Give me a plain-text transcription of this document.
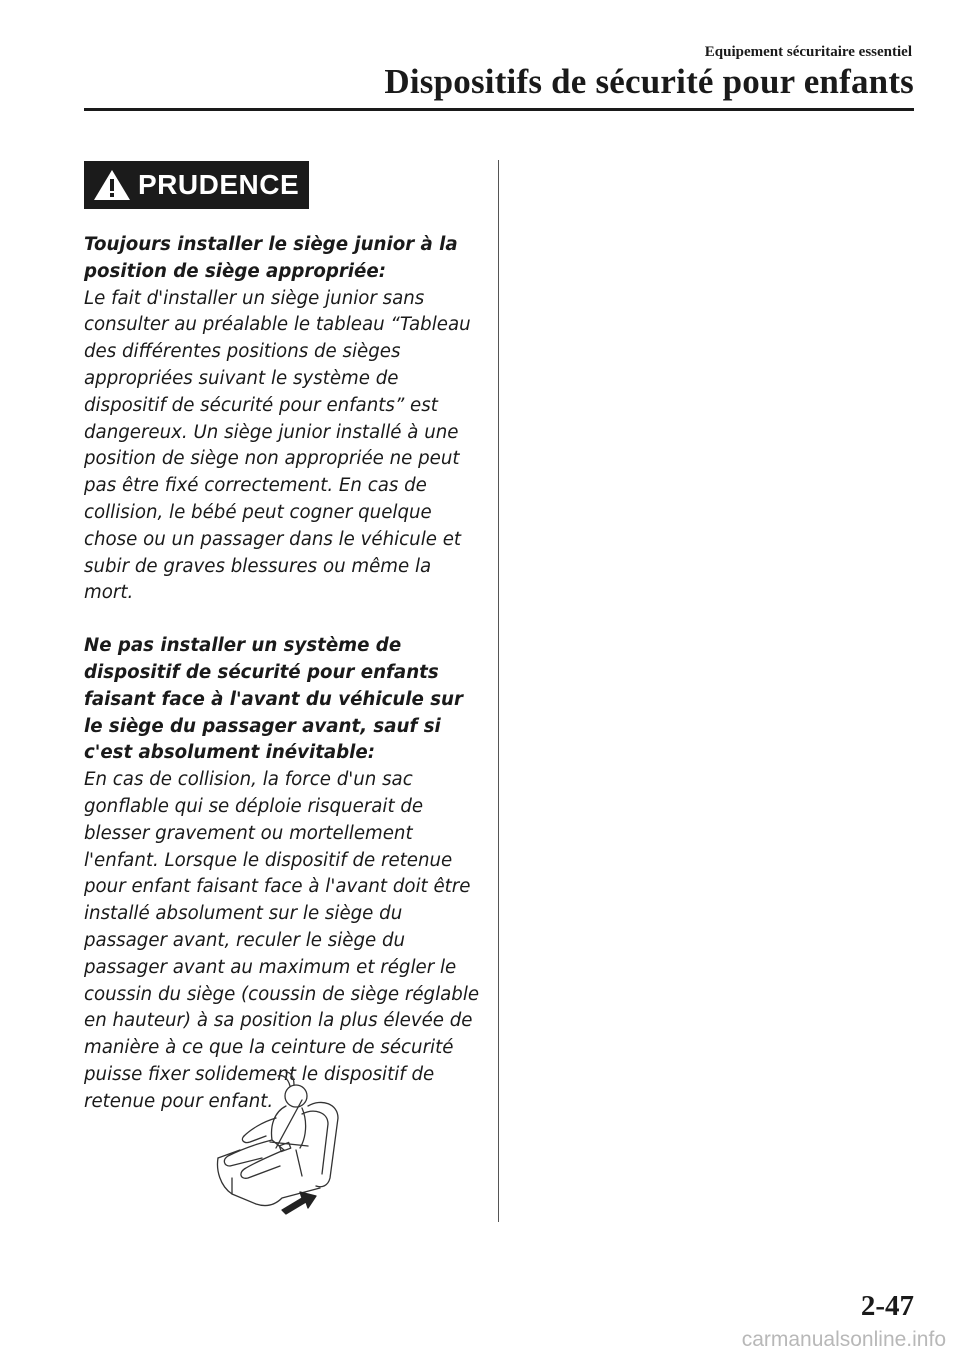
Equipement sécuritaire essentiel
Dispositifs de sécurité pour enfants
PRUDENCE

Toujours installer le siège junior à la position de siège appropriée:

Le fait d'installer un siège junior sans consulter au préalable le tableau “Tableau des différentes positions de sièges appropriées suivant le système de dispositif de sécurité pour enfants” est dangereux. Un siège junior installé à une position de siège non appropriée ne peut pas être fixé correctement. En cas de collision, le bébé peut cogner quelque chose ou un passager dans le véhicule et subir de graves blessures ou même la mort.

Ne pas installer un système de dispositif de sécurité pour enfants faisant face à l'avant du véhicule sur le siège du passager avant, sauf si c'est absolument inévitable:

En cas de collision, la force d'un sac gonflable qui se déploie risquerait de blesser gravement ou mortellement l'enfant. Lorsque le dispositif de retenue pour enfant faisant face à l'avant doit être installé absolument sur le siège du passager avant, reculer le siège du passager avant au maximum et régler le coussin du siège (coussin de siège réglable en hauteur) à sa position la plus élevée de manière à ce que la ceinture de sécurité puisse fixer solidement le dispositif de retenue pour enfant.

2-47
carmanualsonline.info
